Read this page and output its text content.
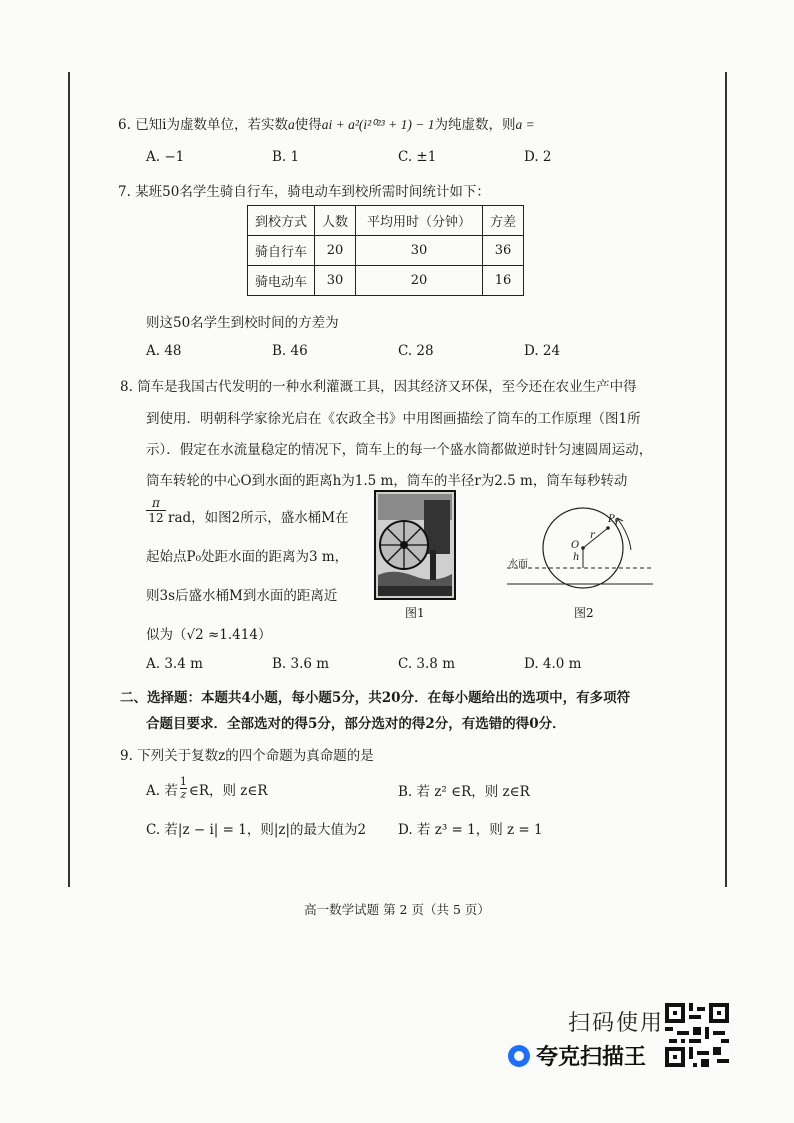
6. 已知i为虚数单位，若实数a使得ai + a²(i²⁰²³ + 1) − 1为纯虚数，则a =
A. −1	B. 1	C. ±1	D. 2
7. 某班50名学生骑自行车，骑电动车到校所需时间统计如下：
到校方式	人数	平均用时（分钟）	方差
骑自行车	20	30	36
骑电动车	30	20	16
则这50名学生到校时间的方差为
A. 48	B. 46	C. 28	D. 24
8. 筒车是我国古代发明的一种水利灌溉工具，因其经济又环保，至今还在农业生产中得
到使用．明朝科学家徐光启在《农政全书》中用图画描绘了筒车的工作原理（图1所
示）．假定在水流量稳定的情况下，筒车上的每一个盛水筒都做逆时针匀速圆周运动，
筒车转轮的中心O到水面的距离h为1.5 m，筒车的半径r为2.5 m，筒车每秒转动
π
12 rad，如图2所示，盛水桶M在
起始点P₀处距水面的距离为3 m，
则3s后盛水桶M到水面的距离近
似为（√2 ≈1.414）
图1
水面
O
h
r
P₀
图2
A. 3.4 m	B. 3.6 m	C. 3.8 m	D. 4.0 m
二、选择题：本题共4小题，每小题5分，共20分．在每小题给出的选项中，有多项符
合题目要求．全部选对的得5分，部分选对的得2分，有选错的得0分．
9. 下列关于复数z的四个命题为真命题的是
A. 若
1
z ∈R，则 z∈R	B. 若 z² ∈R，则 z∈R
C. 若|z − i| = 1，则|z|的最大值为2 D. 若 z³ = 1，则 z = 1
高一数学试题 第 2 页（共 5 页）
扫码使用
夸克扫描王
